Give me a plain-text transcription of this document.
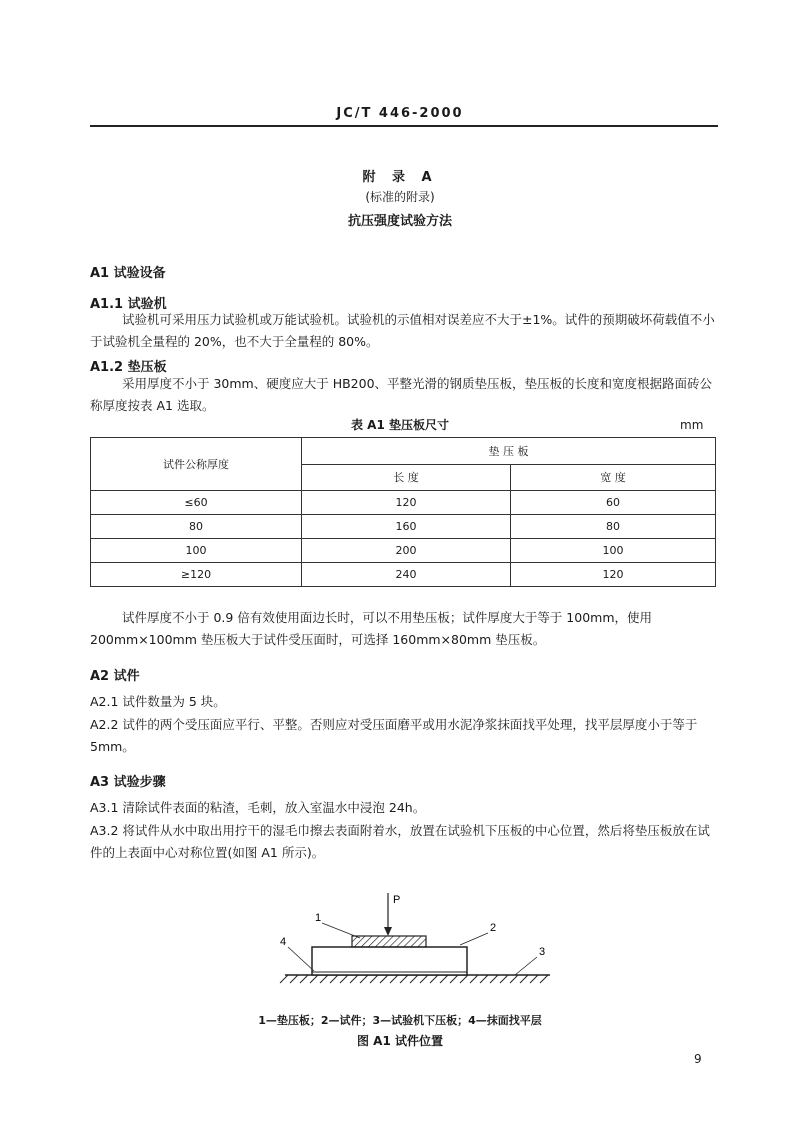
JC/T 446-2000
附 录 A
(标准的附录)
抗压强度试验方法
A1 试验设备
A1.1 试验机
试验机可采用压力试验机或万能试验机。试验机的示值相对误差应不大于±1%。试件的预期破坏荷载值不小于试验机全量程的 20%，也不大于全量程的 80%。
A1.2 垫压板
采用厚度不小于 30mm、硬度应大于 HB200、平整光滑的钢质垫压板，垫压板的长度和宽度根据路面砖公称厚度按表 A1 选取。
表 A1 垫压板尺寸	mm
试件公称厚度	垫 压 板	
	长 度	宽 度
≤60	120	60
80	160	80
100	200	100
≥120	240	120
试件厚度不小于 0.9 倍有效使用面边长时，可以不用垫压板；试件厚度大于等于 100mm，使用 200mm×100mm 垫压板大于试件受压面时，可选择 160mm×80mm 垫压板。
A2 试件
A2.1 试件数量为 5 块。
A2.2 试件的两个受压面应平行、平整。否则应对受压面磨平或用水泥净浆抹面找平处理，找平层厚度小于等于 5mm。
A3 试验步骤
A3.1 清除试件表面的粘渣，毛刺，放入室温水中浸泡 24h。
A3.2 将试件从水中取出用拧干的湿毛巾擦去表面附着水，放置在试验机下压板的中心位置，然后将垫压板放在试件的上表面中心对称位置(如图 A1 所示)。
P
1
2
3
4
1—垫压板；2—试件；3—试验机下压板；4—抹面找平层
图 A1 试件位置
9
